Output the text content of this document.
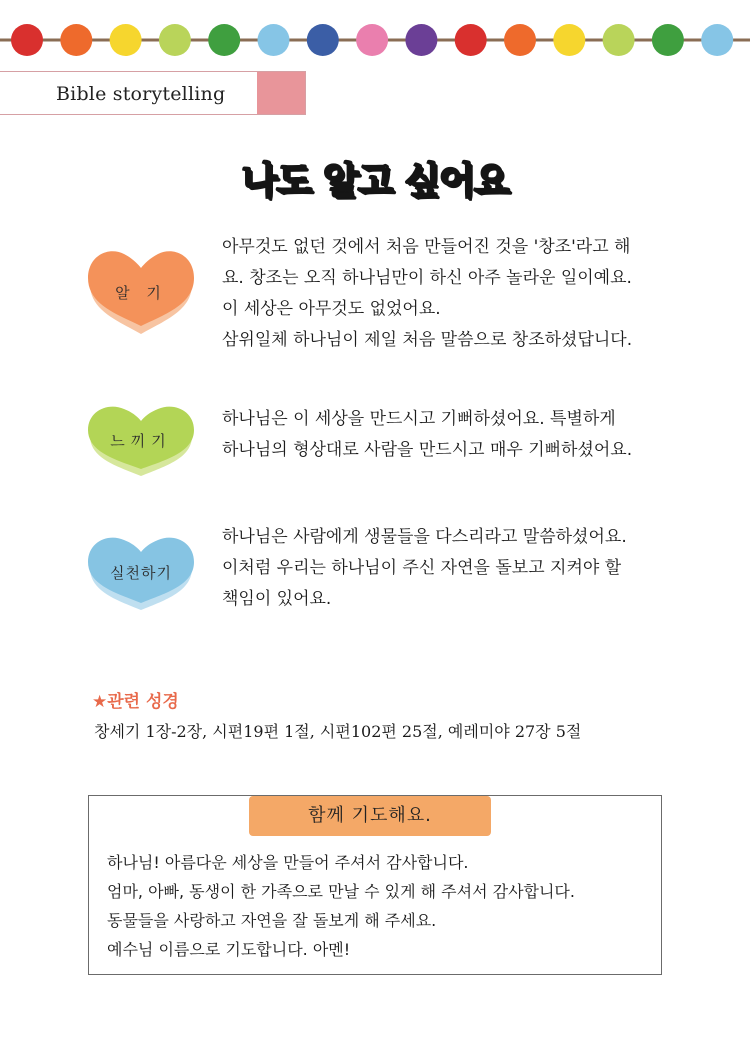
Bible storytelling
나도 알고 싶어요
알 기
아무것도 없던 것에서 처음 만들어진 것을 '창조'라고 해
요. 창조는 오직 하나님만이 하신 아주 놀라운 일이예요.
이 세상은 아무것도 없었어요.
삼위일체 하나님이 제일 처음 말씀으로 창조하셨답니다.
느끼기
하나님은 이 세상을 만드시고 기뻐하셨어요. 특별하게
하나님의 형상대로 사람을 만드시고 매우 기뻐하셨어요.
실천하기
하나님은 사람에게 생물들을 다스리라고 말씀하셨어요.
이처럼 우리는 하나님이 주신 자연을 돌보고 지켜야 할
책임이 있어요.
★관련 성경
창세기 1장-2장, 시편19편 1절, 시편102편 25절, 예레미야 27장 5절
함께 기도해요.
하나님! 아름다운 세상을 만들어 주셔서 감사합니다.
엄마, 아빠, 동생이 한 가족으로 만날 수 있게 해 주셔서 감사합니다.
동물들을 사랑하고 자연을 잘 돌보게 해 주세요.
예수님 이름으로 기도합니다. 아멘!
